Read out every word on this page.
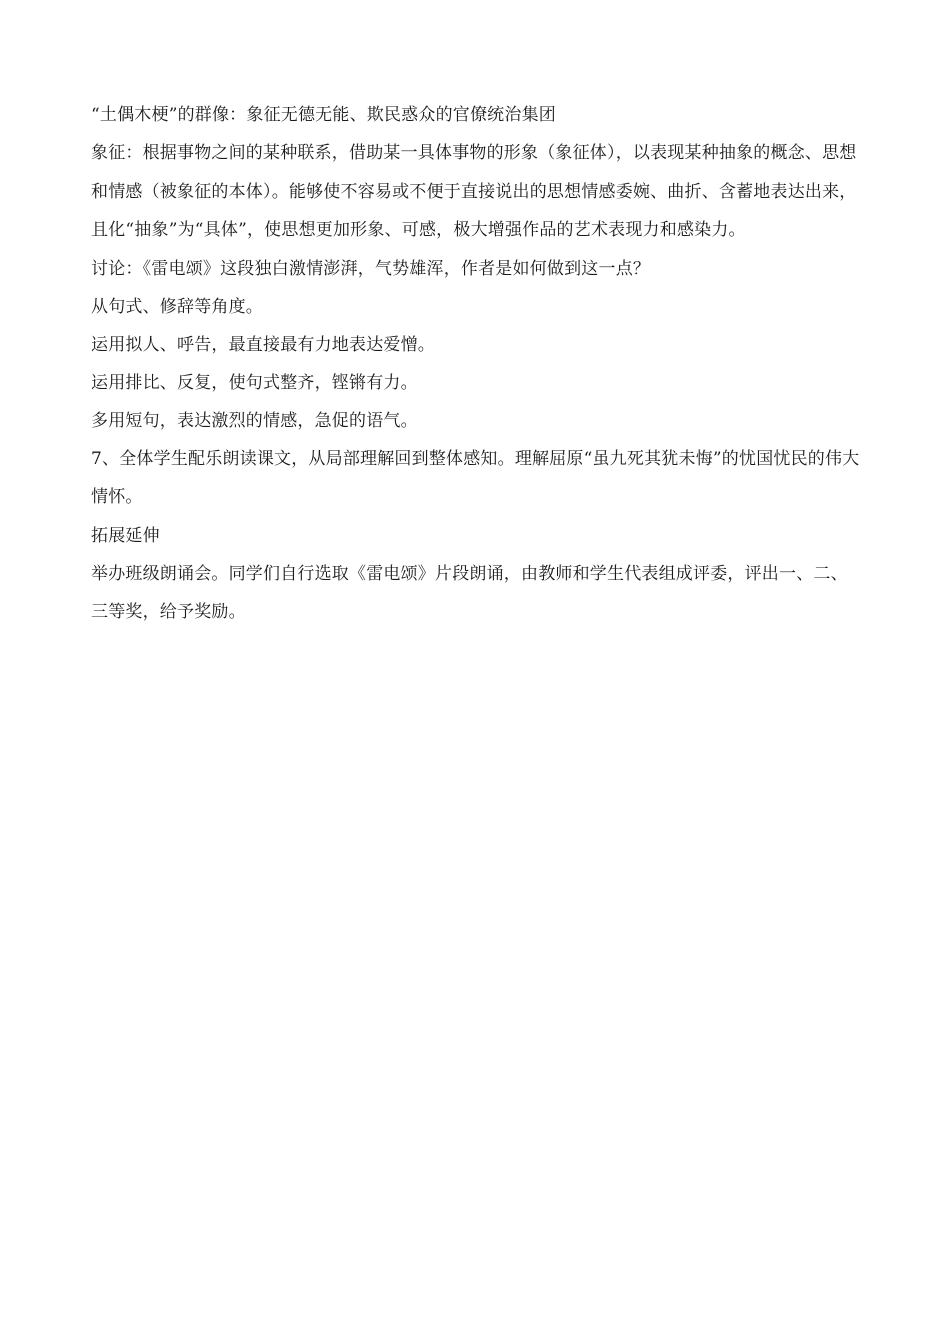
“土偶木梗”的群像：象征无德无能、欺民惑众的官僚统治集团

象征：根据事物之间的某种联系，借助某一具体事物的形象（象征体），以表现某种抽象的概念、思想和情感（被象征的本体）。能够使不容易或不便于直接说出的思想情感委婉、曲折、含蓄地表达出来，且化“抽象”为“具体”，使思想更加形象、可感，极大增强作品的艺术表现力和感染力。

讨论：《雷电颂》这段独白激情澎湃，气势雄浑，作者是如何做到这一点？

从句式、修辞等角度。

运用拟人、呼告，最直接最有力地表达爱憎。

运用排比、反复，使句式整齐，铿锵有力。

多用短句，表达激烈的情感，急促的语气。

7、全体学生配乐朗读课文，从局部理解回到整体感知。理解屈原“虽九死其犹未悔”的忧国忧民的伟大情怀。

拓展延伸

举办班级朗诵会。同学们自行选取《雷电颂》片段朗诵，由教师和学生代表组成评委，评出一、二、三等奖，给予奖励。
